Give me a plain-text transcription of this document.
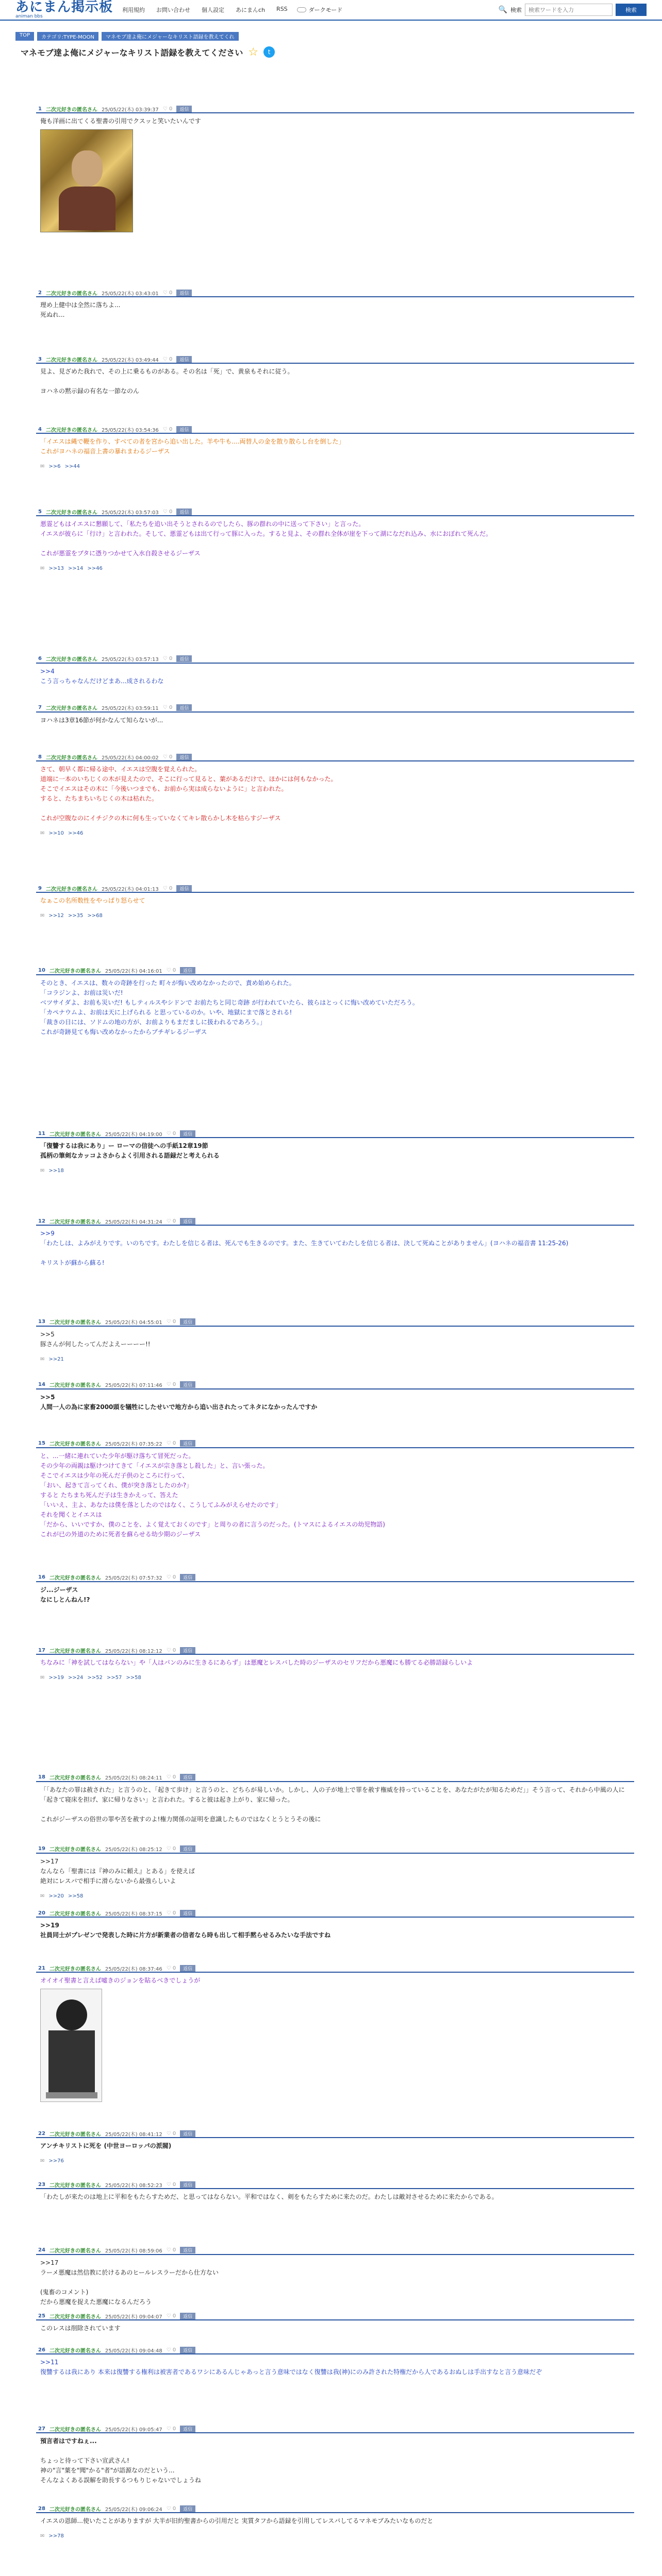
あにまん掲示板
animan bbs
利用規約 お問い合わせ 個人設定 あにまんch RSS	ダークモード	🔍 検索
検索ワードを入力	検索
TOP	カテゴリ:TYPE-MOON	マネモブ達よ俺にメジャーなキリスト語録を教えてくれ
マネモブ達よ俺にメジャーなキリスト語録を教えてください ☆	t
1 二次元好きの匿名さん 25/05/22(木) 03:39:37 ♡ 0	返信
俺も洋画に出てくる聖書の引用でクスッと笑いたいんです
2 二次元好きの匿名さん 25/05/22(木) 03:43:01 ♡ 0	返信
理め上健中は全然に落ちよ...
死ぬれ...
3 二次元好きの匿名さん 25/05/22(木) 03:49:44 ♡ 0	返信
見よ、見ざめた我れで、その上に乗るものがある。その名は「死」で、黄泉もそれに従う。
ヨハネの黙示録の有名な一節なのん
4 二次元好きの匿名さん 25/05/22(木) 03:54:36 ♡ 0	返信
「イエスは縄で鞭を作り、すべての者を宮から追い出した。羊や牛も....両替人の金を散り散らし台を倒した」
これがヨハネの福音上書の暴れまわるジーザス
✉ >>6 >>44
5 二次元好きの匿名さん 25/05/22(木) 03:57:03 ♡ 0	返信
悪霊どもはイエスに懇願して、「私たちを追い出そうとされるのでしたら、豚の群れの中に送って下さい」と言った。
イエスが彼らに「行け」と言われた。そして、悪霊どもは出て行って豚に入った。すると見よ、その群れ全体が崖を下って湖になだれ込み、水におぼれて死んだ。
これが悪霊をブタに憑りつかせて入水自殺させるジーザス
✉ >>13 >>14 >>46
6 二次元好きの匿名さん 25/05/22(木) 03:57:13 ♡ 0	返信
>>4
こう言っちゃなんだけどまあ...成されるわな
7 二次元好きの匿名さん 25/05/22(木) 03:59:11 ♡ 0	返信
ヨハネは3章16節が何かなんて知らないが...
8 二次元好きの匿名さん 25/05/22(木) 04:00:02 ♡ 0	返信
さて、朝早く都に帰る途中、イエスは空腹を覚えられた。
道端に一本のいちじくの木が見えたので、そこに行って見ると、葉があるだけで、ほかには何もなかった。
そこでイエスはその木に「今後いつまでも、お前から実は成らないように」と言われた。
すると、たちまちいちじくの木は枯れた。
これが空腹なのにイチジクの木に何も生っていなくてキレ散らかし木を枯らすジーザス
✉ >>10 >>46
9 二次元好きの匿名さん 25/05/22(木) 04:01:13 ♡ 0	返信
なぁこの名所数性をやっぱり怒らせて
✉ >>12 >>35 >>68
10 二次元好きの匿名さん 25/05/22(木) 04:16:01 ♡ 0	返信
そのとき、イエスは、数々の奇跡を行った 町々が悔い改めなかったので、責め始められた。
「コラジンよ、お前は災いだ!
ベツサイダよ、お前も災いだ! もしティルスやシドンで お前たちと同じ奇跡 が行われていたら、彼らはとっくに悔い改めていただろう。
「カペナウムよ、お前は天に上げられる と思っているのか。いや、地獄にまで落とされる!
「裁きの日には、ソドムの地の方が、お前よりもまだましに扱われるであろう。」
これが奇跡見ても悔い改めなかったからブチギレるジーザス
11 二次元好きの匿名さん 25/05/22(木) 04:19:00 ♡ 0	返信
「復讐するは我にあり」ー ローマの信徒への手紙12章19節
孤柄の筆剣なカッコよさからよく引用される語録だと考えられる
✉ >>18
12 二次元好きの匿名さん 25/05/22(木) 04:31:24 ♡ 0	返信
>>9
「わたしは、よみがえりです。いのちです。わたしを信じる者は、死んでも生きるのです。また、生きていてわたしを信じる者は、決して死ぬことがありません」(ヨハネの福音書 11:25-26)
キリストが蘇から蘇る!
13 二次元好きの匿名さん 25/05/22(木) 04:55:01 ♡ 0	返信
>>5
豚さんが何したってんだよえーーーー!!
✉ >>21
14 二次元好きの匿名さん 25/05/22(木) 07:11:46 ♡ 0	返信
>>5
人間一人の為に家畜2000頭を犠牲にしたせいで地方から追い出されたってネタになかったんですか
15 二次元好きの匿名さん 25/05/22(木) 07:35:22 ♡ 0	返信
と、...一緒に連れていた少年が駆け落ちて冒死だった。
その少年の両親は駆けつけてきて「イエスが宗き落とし殺した」と、言い張った。
そこでイエスは少年の死んだ子供のところに行って、
「おい、起きて言ってくれ、僕が突き落としたのか?」
すると たちまち死んだ子は生きかえって、答えた
「いいえ、主よ、あなたは僕を落としたのではなく、こうしてふみがえらせたのです」
それを聞くとイエスは
「だから、いいですか、僕のことを、よく覚えておくのです」と周りの者に言うのだった。(トマスによるイエスの幼児物語)
これが已の外道のために死者を蘇らせる幼少期のジーザス
16 二次元好きの匿名さん 25/05/22(木) 07:57:32 ♡ 0	返信
ジ...ジーザス
なにしとんねん!?
17 二次元好きの匿名さん 25/05/22(木) 08:12:12 ♡ 0	返信
ちなみに「神を試してはならない」や「人はパンのみに生きるにあらず」は悪魔とレスバした時のジーザスのセリフだから悪魔にも勝てる必勝語録らしいよ
✉ >>19 >>24 >>52 >>57 >>58
18 二次元好きの匿名さん 25/05/22(木) 08:24:11 ♡ 0	返信
「「あなたの罪は赦された」と言うのと、「起きて歩け」と言うのと、どちらが易しいか。しかし、人の子が地上で罪を赦す権威を持っていることを、あなたがたが知るためだ」」そう言って、それから中風の人に「起きて寝床を担げ、家に帰りなさい」と言われた。すると彼は起き上がり、家に帰った。
これがジーザスの俗世の罪や苦を赦すのよ!権力関係の証明を意識したものではなくとうとうその後に
19 二次元好きの匿名さん 25/05/22(木) 08:25:12 ♡ 0	返信
>>17
なんなら「聖書には『神のみに頼え』とある」を使えば
絶対にレスバで相手に滑らないから最強らしいよ
✉ >>20 >>58
20 二次元好きの匿名さん 25/05/22(木) 08:37:15 ♡ 0	返信
>>19
社員同士がプレゼンで発表した時に片方が新業者の信者なら時も出して相手黙らせるみたいな手法ですね
21 二次元好きの匿名さん 25/05/22(木) 08:37:46 ♡ 0	返信
オイオイ聖書と言えば嘘きのジョンを貼るべきでしょうが
22 二次元好きの匿名さん 25/05/22(木) 08:41:12 ♡ 0	返信
アンチキリストに死を (中世ヨーロッパの派閥)
✉ >>76
23 二次元好きの匿名さん 25/05/22(木) 08:52:23 ♡ 0	返信
「わたしが来たのは地上に平和をもたらすためだ、と思ってはならない。平和ではなく、剣をもたらすために来たのだ。わたしは敵対させるために来たからである。
24 二次元好きの匿名さん 25/05/22(木) 08:59:06 ♡ 0	返信
>>17
ラーメ悪魔は然信教に於けるあのヒールレスラーだから仕方ない
(鬼畜のコメント)
だから悪魔を捉えた悪魔になるんだろう
25 二次元好きの匿名さん 25/05/22(木) 09:04:07 ♡ 0	返信
このレスは削除されています
26 二次元好きの匿名さん 25/05/22(木) 09:04:48 ♡ 0	返信
>>11
復讐するは我にあり 本来は復讐する権利は被害者であるワシにあるんじゃあっと言う意味ではなく復讐は我(神)にのみ許された特権だから人であるおぬしは手出すなと言う意味だぞ
27 二次元好きの匿名さん 25/05/22(木) 09:05:47 ♡ 0	返信
預言者はですねぇ...
ちょっと待って下さい宣武さん!
神の"言"葉を"聞"かる"者"が語源なのだという...
そんなよくある誤解を助長するつもりじゃないでしょうね
28 二次元好きの匿名さん 25/05/22(木) 09:06:24 ♡ 0	返信
イエスの恩師...使いたことがありますが 大半が旧約聖書からの引用だと 実質タフから語録を引用してレスバしてるマネモブみたいなものだと
✉ >>78
